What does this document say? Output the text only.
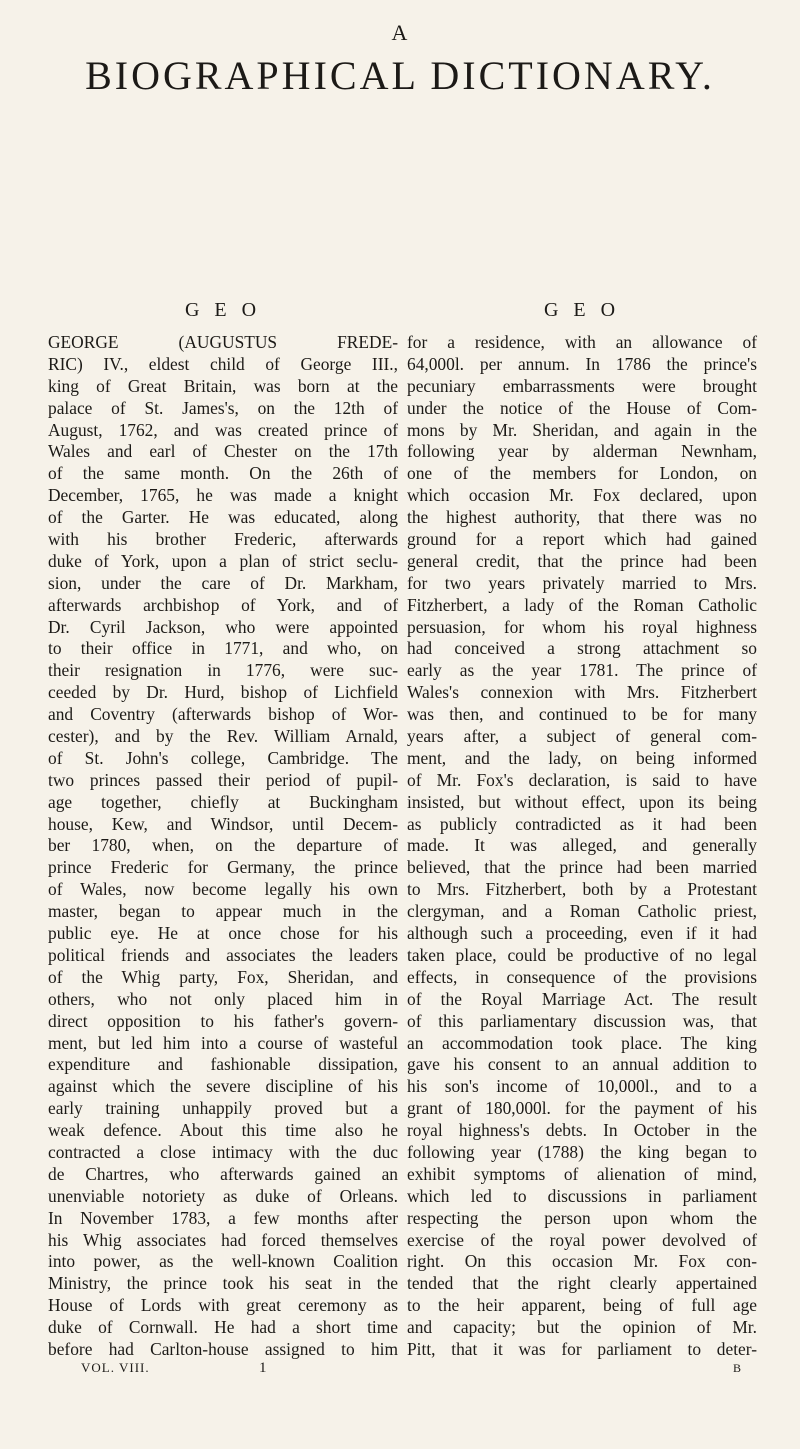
A
BIOGRAPHICAL DICTIONARY.
G E O
GEORGE (AUGUSTUS FREDE-
RIC) IV., eldest child of George III.,
king of Great Britain, was born at the
palace of St. James's, on the 12th of
August, 1762, and was created prince of
Wales and earl of Chester on the 17th
of the same month. On the 26th of
December, 1765, he was made a knight
of the Garter. He was educated, along
with his brother Frederic, afterwards
duke of York, upon a plan of strict seclu-
sion, under the care of Dr. Markham,
afterwards archbishop of York, and of
Dr. Cyril Jackson, who were appointed
to their office in 1771, and who, on
their resignation in 1776, were suc-
ceeded by Dr. Hurd, bishop of Lichfield
and Coventry (afterwards bishop of Wor-
cester), and by the Rev. William Arnald,
of St. John's college, Cambridge. The
two princes passed their period of pupil-
age together, chiefly at Buckingham
house, Kew, and Windsor, until Decem-
ber 1780, when, on the departure of
prince Frederic for Germany, the prince
of Wales, now become legally his own
master, began to appear much in the
public eye. He at once chose for his
political friends and associates the leaders
of the Whig party, Fox, Sheridan, and
others, who not only placed him in
direct opposition to his father's govern-
ment, but led him into a course of wasteful
expenditure and fashionable dissipation,
against which the severe discipline of his
early training unhappily proved but a
weak defence. About this time also he
contracted a close intimacy with the duc
de Chartres, who afterwards gained an
unenviable notoriety as duke of Orleans.
In November 1783, a few months after
his Whig associates had forced themselves
into power, as the well-known Coalition
Ministry, the prince took his seat in the
House of Lords with great ceremony as
duke of Cornwall. He had a short time
before had Carlton-house assigned to him
G E O
for a residence, with an allowance of
64,000l. per annum. In 1786 the prince's
pecuniary embarrassments were brought
under the notice of the House of Com-
mons by Mr. Sheridan, and again in the
following year by alderman Newnham,
one of the members for London, on
which occasion Mr. Fox declared, upon
the highest authority, that there was no
ground for a report which had gained
general credit, that the prince had been
for two years privately married to Mrs.
Fitzherbert, a lady of the Roman Catholic
persuasion, for whom his royal highness
had conceived a strong attachment so
early as the year 1781. The prince of
Wales's connexion with Mrs. Fitzherbert
was then, and continued to be for many
years after, a subject of general com-
ment, and the lady, on being informed
of Mr. Fox's declaration, is said to have
insisted, but without effect, upon its being
as publicly contradicted as it had been
made. It was alleged, and generally
believed, that the prince had been married
to Mrs. Fitzherbert, both by a Protestant
clergyman, and a Roman Catholic priest,
although such a proceeding, even if it had
taken place, could be productive of no legal
effects, in consequence of the provisions
of the Royal Marriage Act. The result
of this parliamentary discussion was, that
an accommodation took place. The king
gave his consent to an annual addition to
his son's income of 10,000l., and to a
grant of 180,000l. for the payment of his
royal highness's debts. In October in the
following year (1788) the king began to
exhibit symptoms of alienation of mind,
which led to discussions in parliament
respecting the person upon whom the
exercise of the royal power devolved of
right. On this occasion Mr. Fox con-
tended that the right clearly appertained
to the heir apparent, being of full age
and capacity; but the opinion of Mr.
Pitt, that it was for parliament to deter-
VOL. VIII.	1	B
